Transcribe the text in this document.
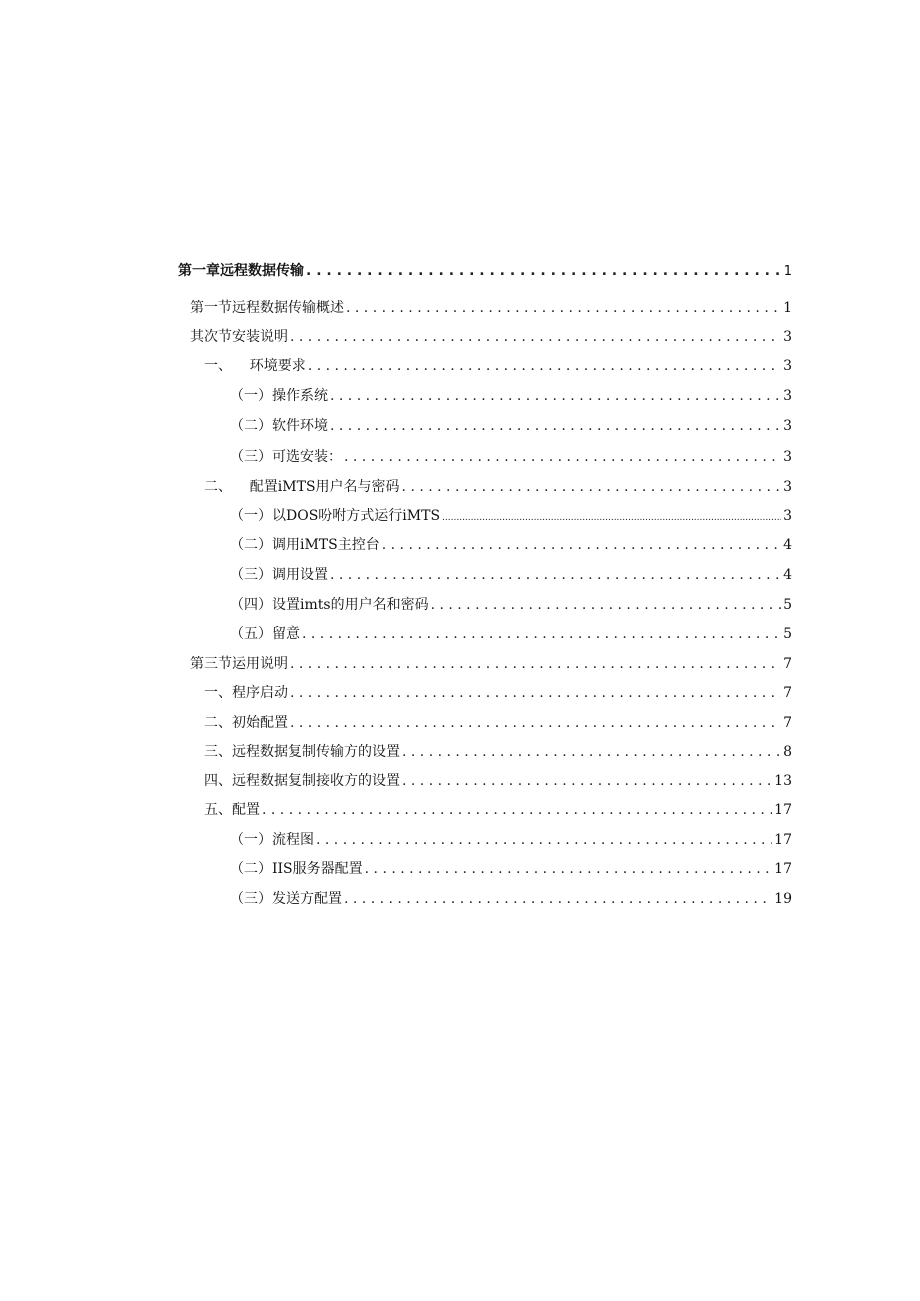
第一章远程数据传输 . . .	1
第一节远程数据传输概述 . . .	1
其次节安装说明 . . .	3
一、    环境要求 . . .	3
（一）操作系统 . . .	3
（二）软件环境 . . .	3
（三）可选安装： . . .	3
二、    配置iMTS用户名与密码 . . .	3
（一）以DOS吩咐方式运行iMTS .....	3
（二）调用iMTS主控台 . . .	4
（三）调用设置 . . .	4
（四）设置imts的用户名和密码 . . .	5
（五）留意 . . .	5
第三节运用说明 . . .	7
一、程序启动 . . .	7
二、初始配置 . . .	7
三、远程数据复制传输方的设置 . . .	8
四、远程数据复制接收方的设置 . . .	13
五、配置 . . .	17
（一）流程图 . . .	17
（二）IIS服务器配置 . . .	17
（三）发送方配置 . . .	19
